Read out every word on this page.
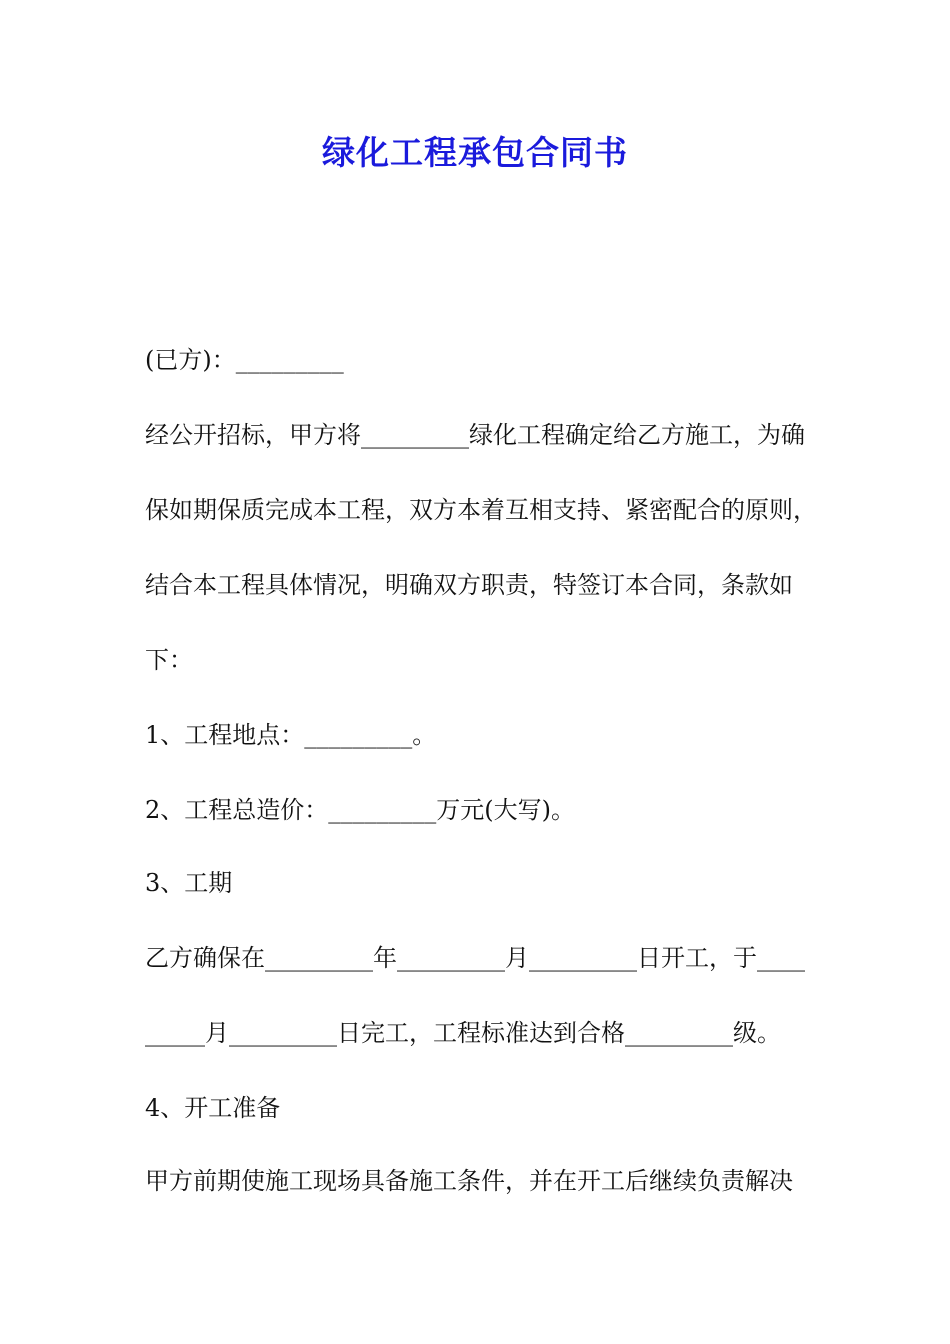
绿化工程承包合同书

(已方)：_________

经公开招标，甲方将_________绿化工程确定给乙方施工，为确

保如期保质完成本工程，双方本着互相支持、紧密配合的原则，

结合本工程具体情况，明确双方职责，特签订本合同，条款如

下：

1、工程地点：_________。

2、工程总造价：_________万元(大写)。

3、工期

乙方确保在_________年_________月_________日开工，于____

_____月_________日完工，工程标准达到合格_________级。

4、开工准备

甲方前期使施工现场具备施工条件，并在开工后继续负责解决
